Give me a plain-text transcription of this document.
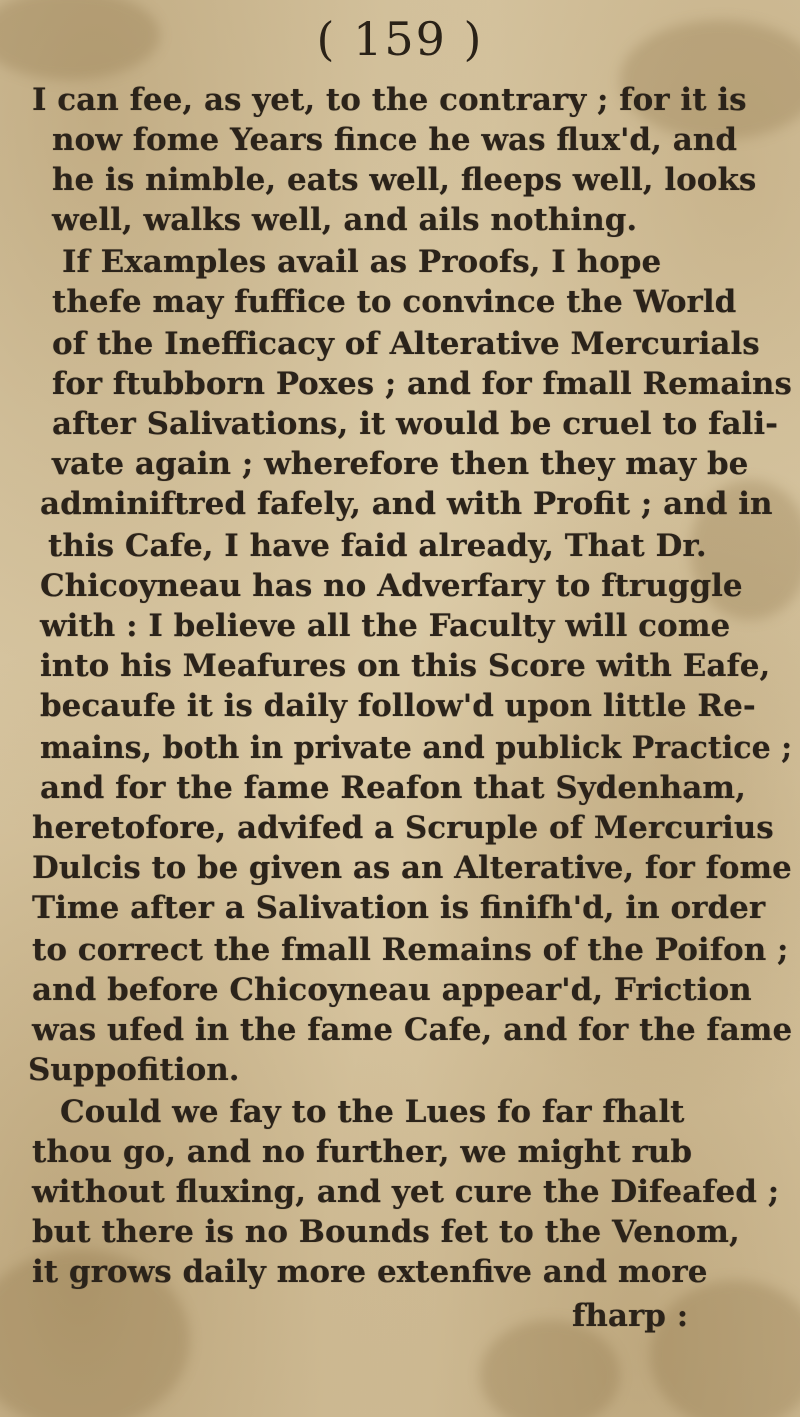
( 159 )
I can fee, as yet, to the contrary ; for it is
now fome Years fince he was flux'd, and
he is nimble, eats well, fleeps well, looks
well, walks well, and ails nothing.
If Examples avail as Proofs, I hope
thefe may fuffice to convince the World
of the Inefficacy of Alterative Mercurials
for ftubborn Poxes ; and for fmall Remains
after Salivations, it would be cruel to fali-
vate again ; wherefore then they may be
adminiftred fafely, and with Profit ; and in
this Cafe, I have faid already, That Dr.
Chicoyneau has no Adverfary to ftruggle
with : I believe all the Faculty will come
into his Meafures on this Score with Eafe,
becaufe it is daily follow'd upon little Re-
mains, both in private and publick Practice ;
and for the fame Reafon that Sydenham,
heretofore, advifed a Scruple of Mercurius
Dulcis to be given as an Alterative, for fome
Time after a Salivation is finifh'd, in order
to correct the fmall Remains of the Poifon ;
and before Chicoyneau appear'd, Friction
was ufed in the fame Cafe, and for the fame
Suppofition.
Could we fay to the Lues fo far fhalt
thou go, and no further, we might rub
without fluxing, and yet cure the Difeafed ;
but there is no Bounds fet to the Venom,
it grows daily more extenfive and more
fharp :
